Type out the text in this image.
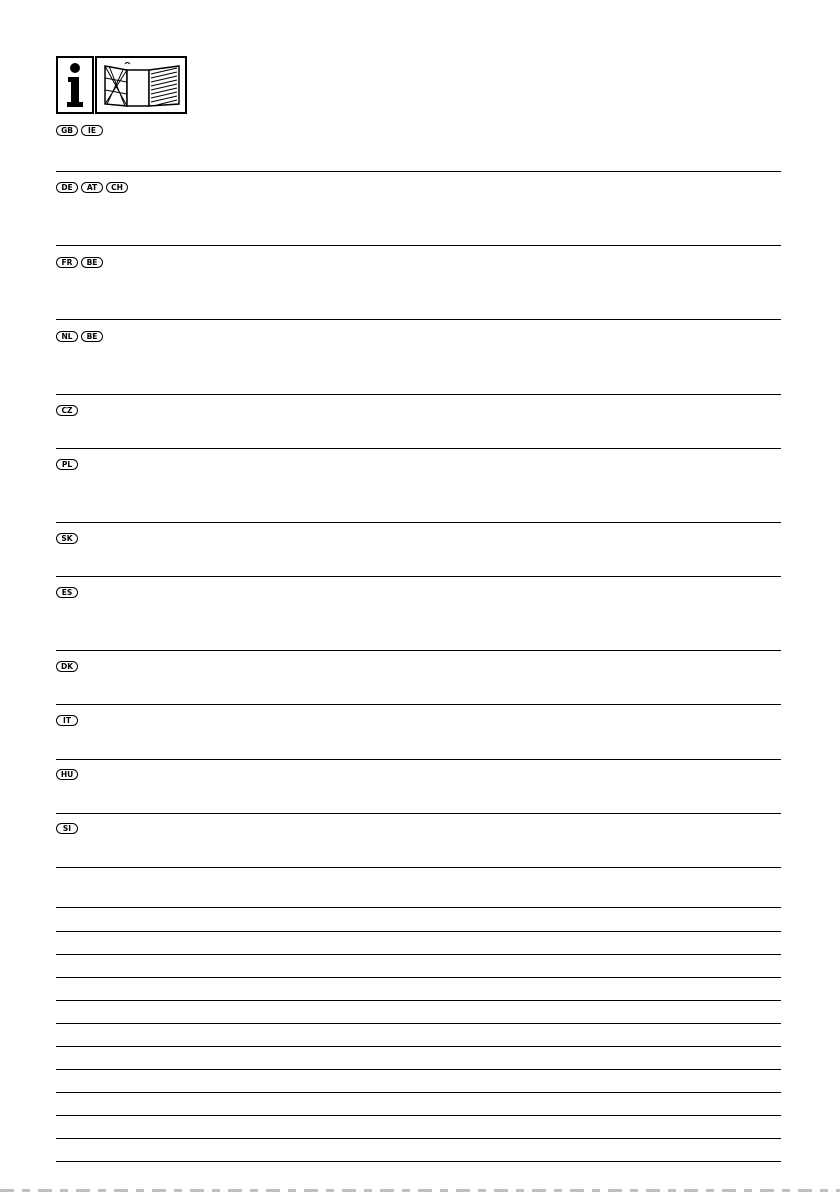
GB	IE
DE	AT	CH
FR	BE
NL	BE
CZ
PL
SK
ES
DK
IT
HU
SI
